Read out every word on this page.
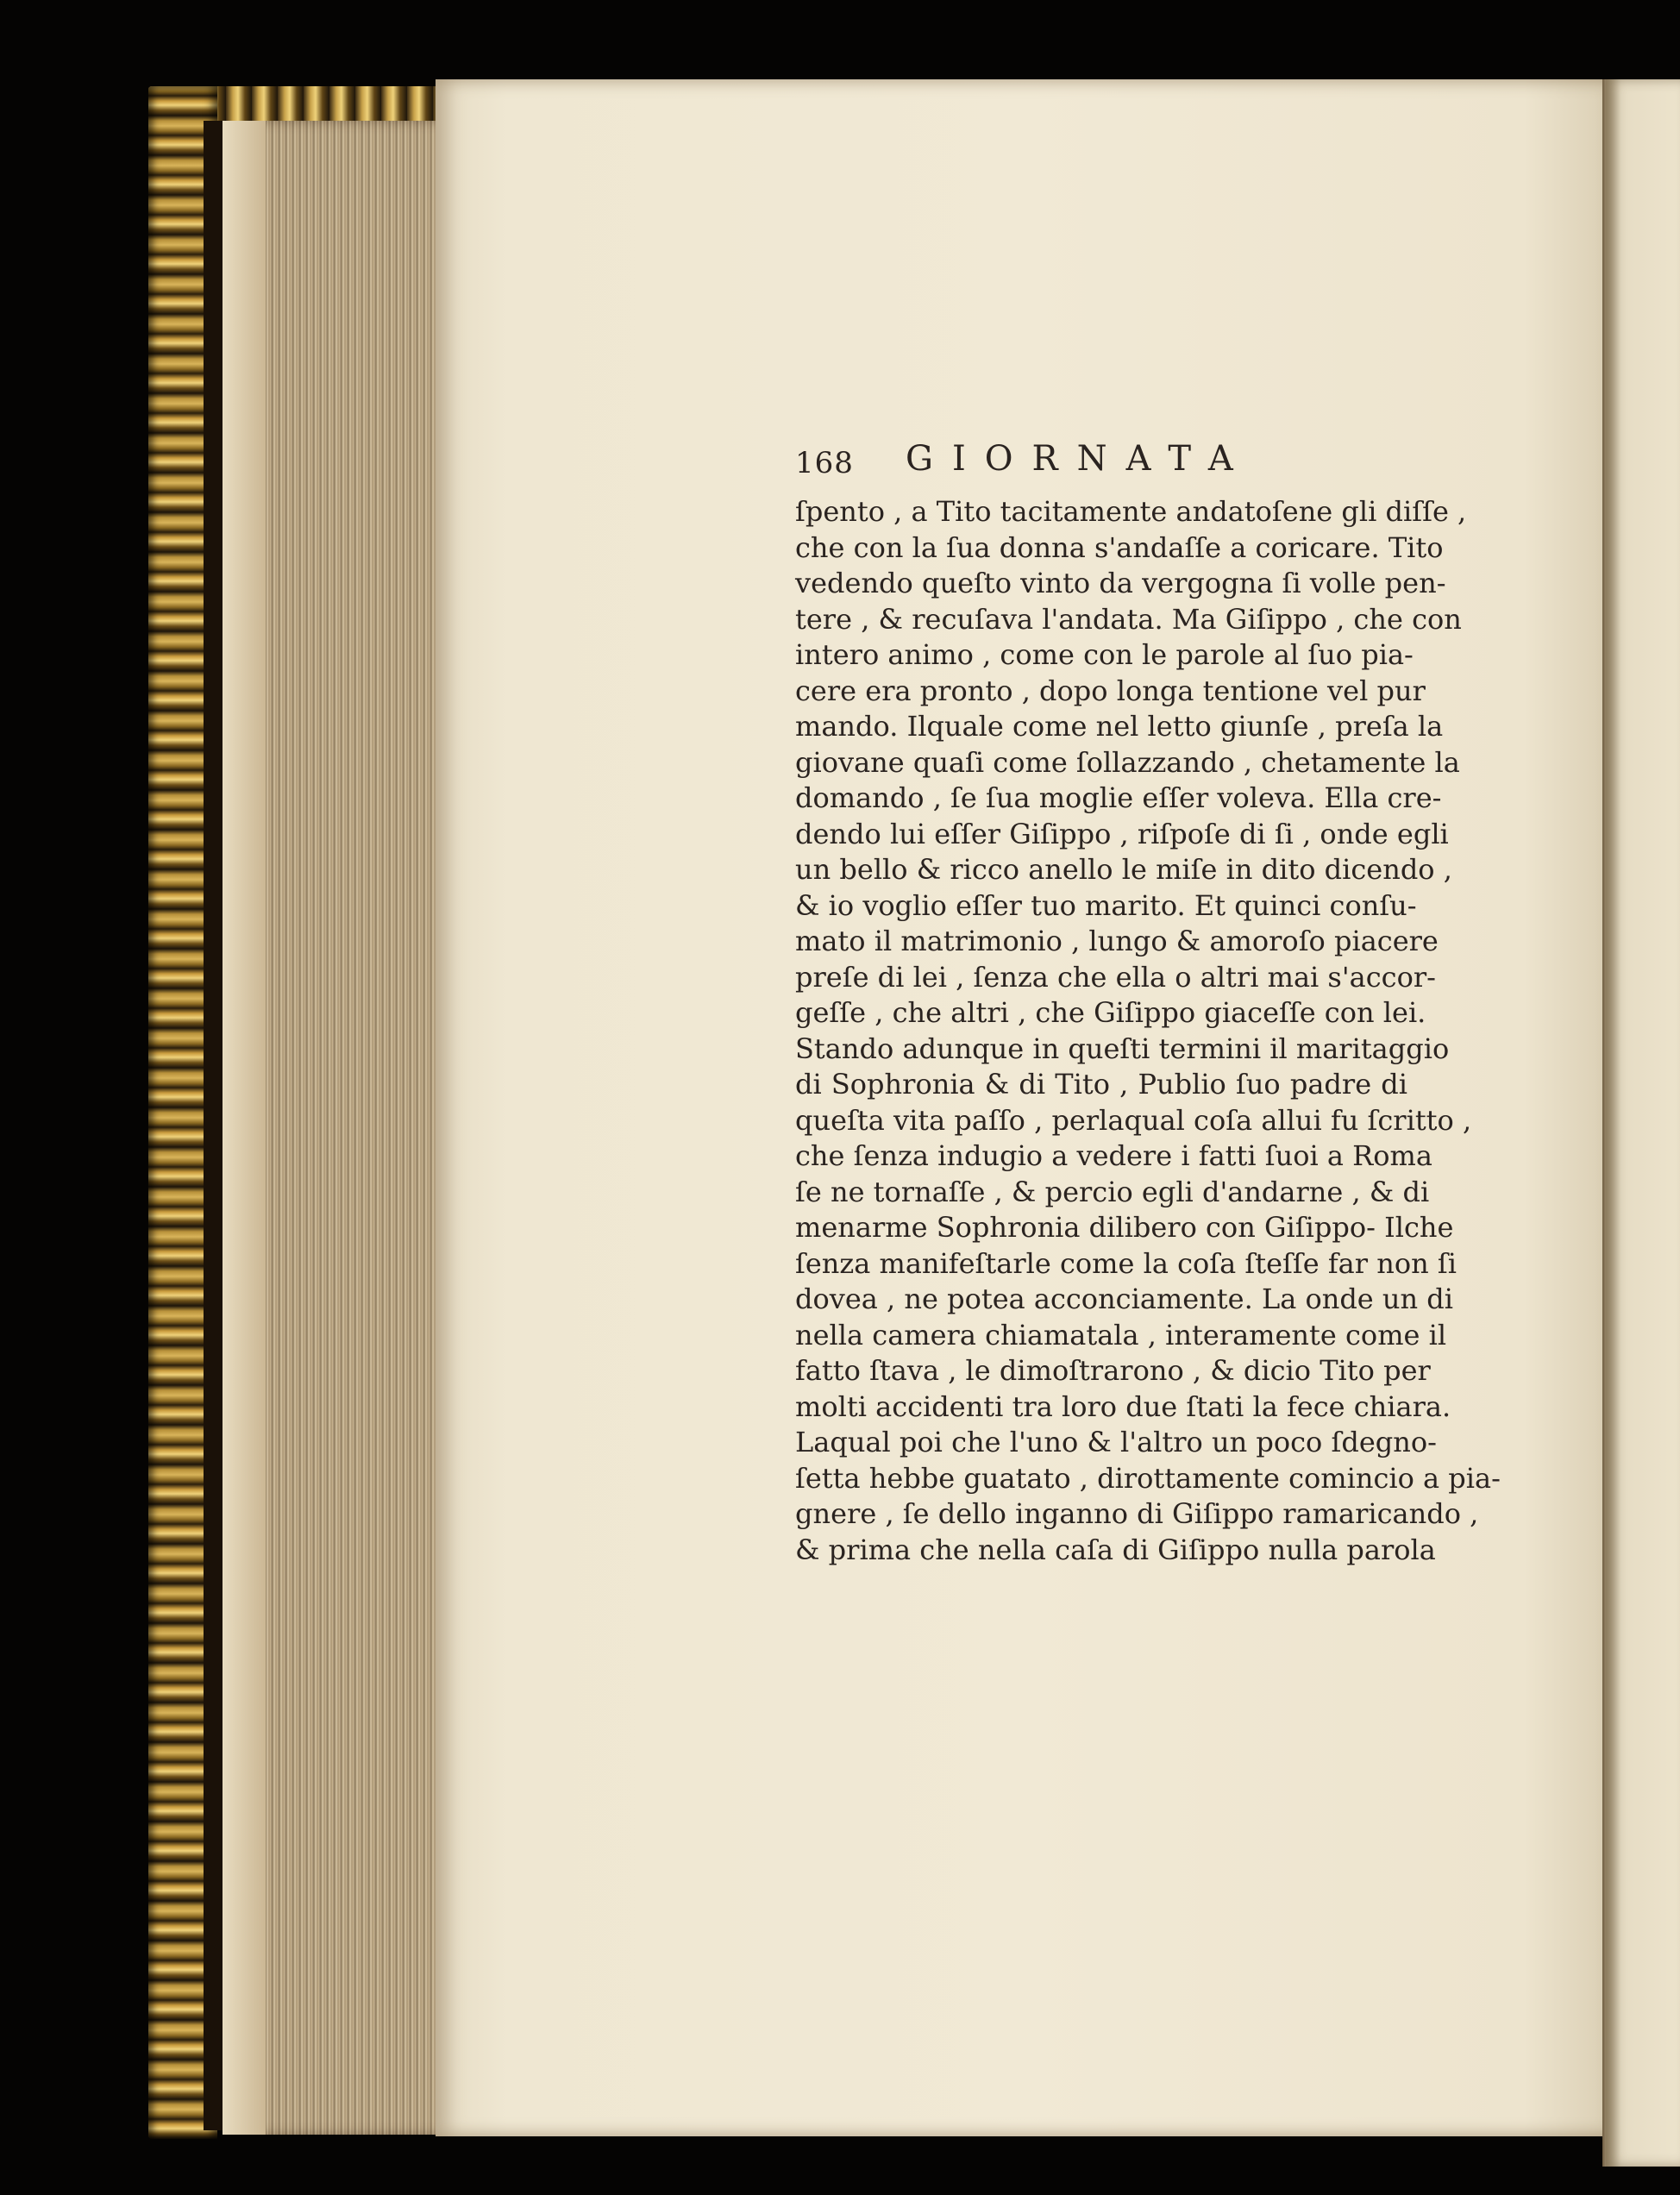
168 GIORNATA
ſpento , a Tito tacitamente andatoſene gli diſſe ,
che con la ſua donna s'andaſſe a coricare. Tito
vedendo queſto vinto da vergogna ſi volle pen-
tere , & recuſava l'andata. Ma Giſippo , che con
intero animo , come con le parole al ſuo pia-
cere era pronto , dopo longa tentione vel pur
mando. Ilquale come nel letto giunſe , preſa la
giovane quaſi come ſollazzando , chetamente la
domando , ſe ſua moglie eſſer voleva. Ella cre-
dendo lui eſſer Giſippo , riſpoſe di ſi , onde egli
un bello & ricco anello le miſe in dito dicendo ,
& io voglio eſſer tuo marito. Et quinci conſu-
mato il matrimonio , lungo & amoroſo piacere
preſe di lei , ſenza che ella o altri mai s'accor-
geſſe , che altri , che Giſippo giaceſſe con lei.
Stando adunque in queſti termini il maritaggio
di Sophronia & di Tito , Publio ſuo padre di
queſta vita paſſo , perlaqual coſa allui fu ſcritto ,
che ſenza indugio a vedere i fatti ſuoi a Roma
ſe ne tornaſſe , & percio egli d'andarne , & di
menarme Sophronia dilibero con Giſippo- Ilche
ſenza manifeſtarle come la coſa ſteſſe far non ſi
dovea , ne potea acconciamente. La onde un di
nella camera chiamatala , interamente come il
fatto ſtava , le dimoſtrarono , & dicio Tito per
molti accidenti tra loro due ſtati la fece chiara.
Laqual poi che l'uno & l'altro un poco ſdegno-
ſetta hebbe guatato , dirottamente comincio a pia-
gnere , ſe dello inganno di Giſippo ramaricando ,
& prima che nella caſa di Giſippo nulla parola
